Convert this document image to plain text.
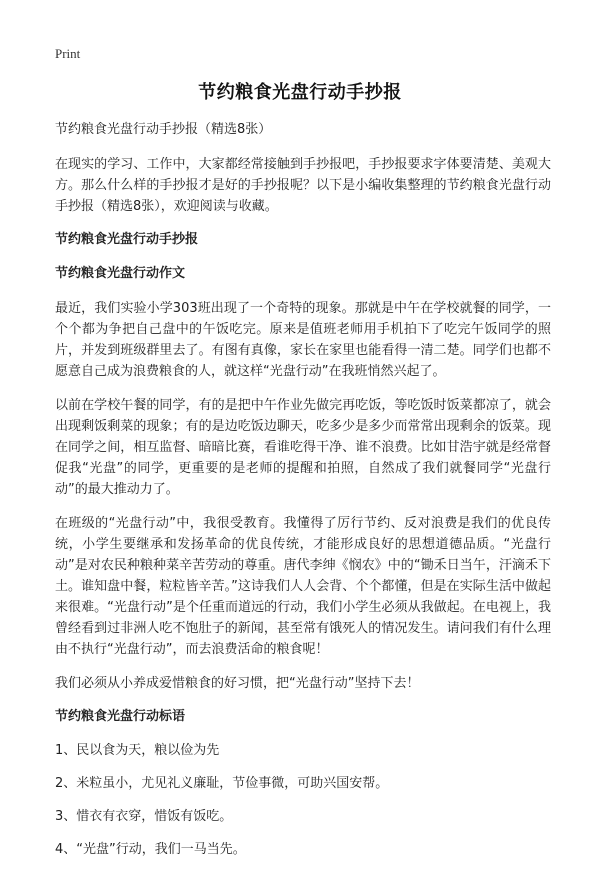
Print
节约粮食光盘行动手抄报
节约粮食光盘行动手抄报（精选8张）

在现实的学习、工作中，大家都经常接触到手抄报吧，手抄报要求字体要清楚、美观大方。那么什么样的手抄报才是好的手抄报呢？以下是小编收集整理的节约粮食光盘行动手抄报（精选8张），欢迎阅读与收藏。

节约粮食光盘行动手抄报
节约粮食光盘行动作文

最近，我们实验小学303班出现了一个奇特的现象。那就是中午在学校就餐的同学，一个个都为争把自己盘中的午饭吃完。原来是值班老师用手机拍下了吃完午饭同学的照片，并发到班级群里去了。有图有真像，家长在家里也能看得一清二楚。同学们也都不愿意自己成为浪费粮食的人，就这样“光盘行动”在我班悄然兴起了。

以前在学校午餐的同学，有的是把中午作业先做完再吃饭，等吃饭时饭菜都凉了，就会出现剩饭剩菜的现象；有的是边吃饭边聊天，吃多少是多少而常常出现剩余的饭菜。现在同学之间，相互监督、暗暗比赛，看谁吃得干净、谁不浪费。比如甘浩宇就是经常督促我“光盘”的同学，更重要的是老师的提醒和拍照，自然成了我们就餐同学“光盘行动”的最大推动力了。

在班级的“光盘行动”中，我很受教育。我懂得了厉行节约、反对浪费是我们的优良传统，小学生要继承和发扬革命的优良传统，才能形成良好的思想道德品质。“光盘行动”是对农民种粮种菜辛苦劳动的尊重。唐代李绅《悯农》中的“锄禾日当午，汗滴禾下土。谁知盘中餐，粒粒皆辛苦。”这诗我们人人会背、个个都懂，但是在实际生活中做起来很难。“光盘行动”是个任重而道远的行动，我们小学生必须从我做起。在电视上，我曾经看到过非洲人吃不饱肚子的新闻，甚至常有饿死人的情况发生。请问我们有什么理由不执行“光盘行动”，而去浪费活命的粮食呢！

我们必须从小养成爱惜粮食的好习惯，把“光盘行动”坚持下去！

节约粮食光盘行动标语
1、民以食为天，粮以俭为先
2、米粒虽小，尤见礼义廉耻，节俭事微，可助兴国安帮。
3、惜衣有衣穿，惜饭有饭吃。
4、“光盘”行动，我们一马当先。
